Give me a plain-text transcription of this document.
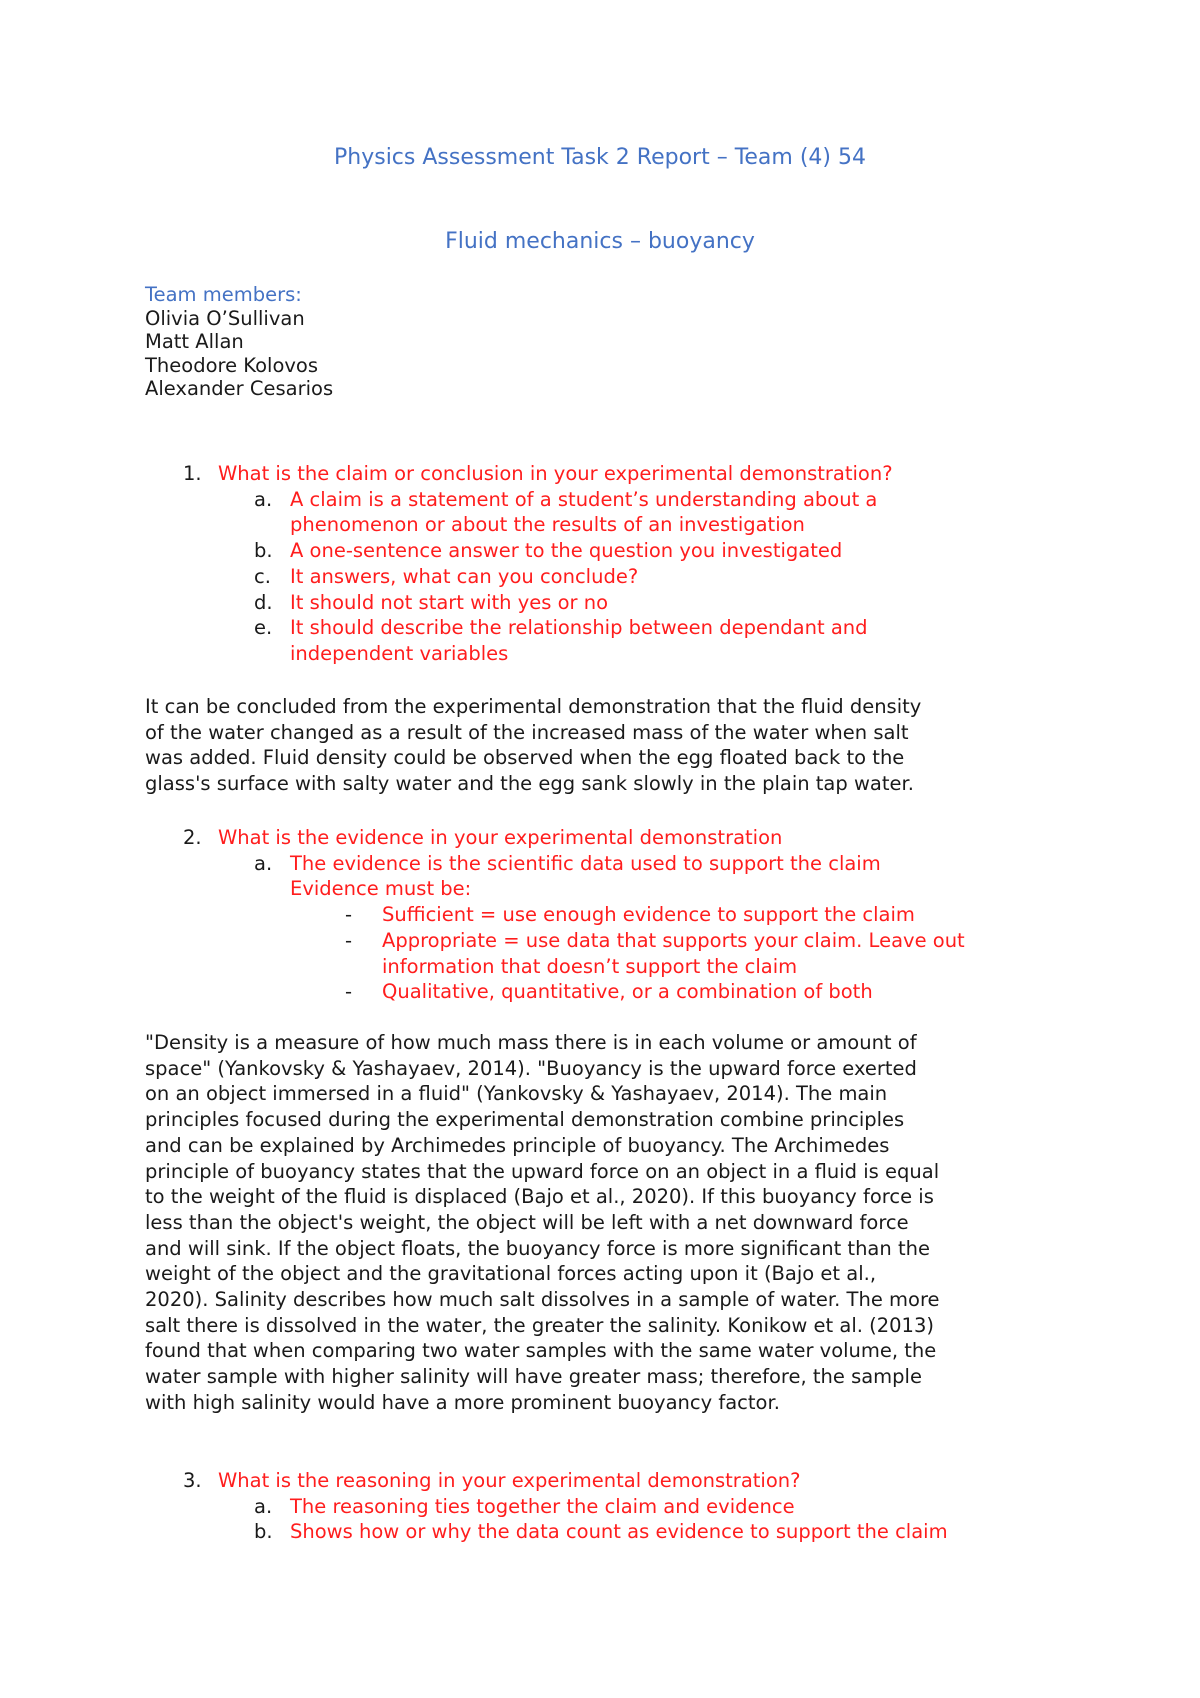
Physics Assessment Task 2 Report – Team (4) 54
Fluid mechanics – buoyancy
Team members:
Olivia O’Sullivan
Matt Allan
Theodore Kolovos
Alexander Cesarios
1. What is the claim or conclusion in your experimental demonstration?
a. A claim is a statement of a student’s understanding about a
phenomenon or about the results of an investigation
b. A one-sentence answer to the question you investigated
c. It answers, what can you conclude?
d. It should not start with yes or no
e. It should describe the relationship between dependant and
independent variables
It can be concluded from the experimental demonstration that the fluid density
of the water changed as a result of the increased mass of the water when salt
was added. Fluid density could be observed when the egg floated back to the
glass's surface with salty water and the egg sank slowly in the plain tap water.
2. What is the evidence in your experimental demonstration
a. The evidence is the scientific data used to support the claim
Evidence must be:
- Sufficient = use enough evidence to support the claim
- Appropriate = use data that supports your claim. Leave out
information that doesn’t support the claim
- Qualitative, quantitative, or a combination of both
"Density is a measure of how much mass there is in each volume or amount of
space" (Yankovsky & Yashayaev, 2014). "Buoyancy is the upward force exerted
on an object immersed in a fluid" (Yankovsky & Yashayaev, 2014). The main
principles focused during the experimental demonstration combine principles
and can be explained by Archimedes principle of buoyancy. The Archimedes
principle of buoyancy states that the upward force on an object in a fluid is equal
to the weight of the fluid is displaced (Bajo et al., 2020). If this buoyancy force is
less than the object's weight, the object will be left with a net downward force
and will sink. If the object floats, the buoyancy force is more significant than the
weight of the object and the gravitational forces acting upon it (Bajo et al.,
2020). Salinity describes how much salt dissolves in a sample of water. The more
salt there is dissolved in the water, the greater the salinity. Konikow et al. (2013)
found that when comparing two water samples with the same water volume, the
water sample with higher salinity will have greater mass; therefore, the sample
with high salinity would have a more prominent buoyancy factor.
3. What is the reasoning in your experimental demonstration?
a. The reasoning ties together the claim and evidence
b. Shows how or why the data count as evidence to support the claim
